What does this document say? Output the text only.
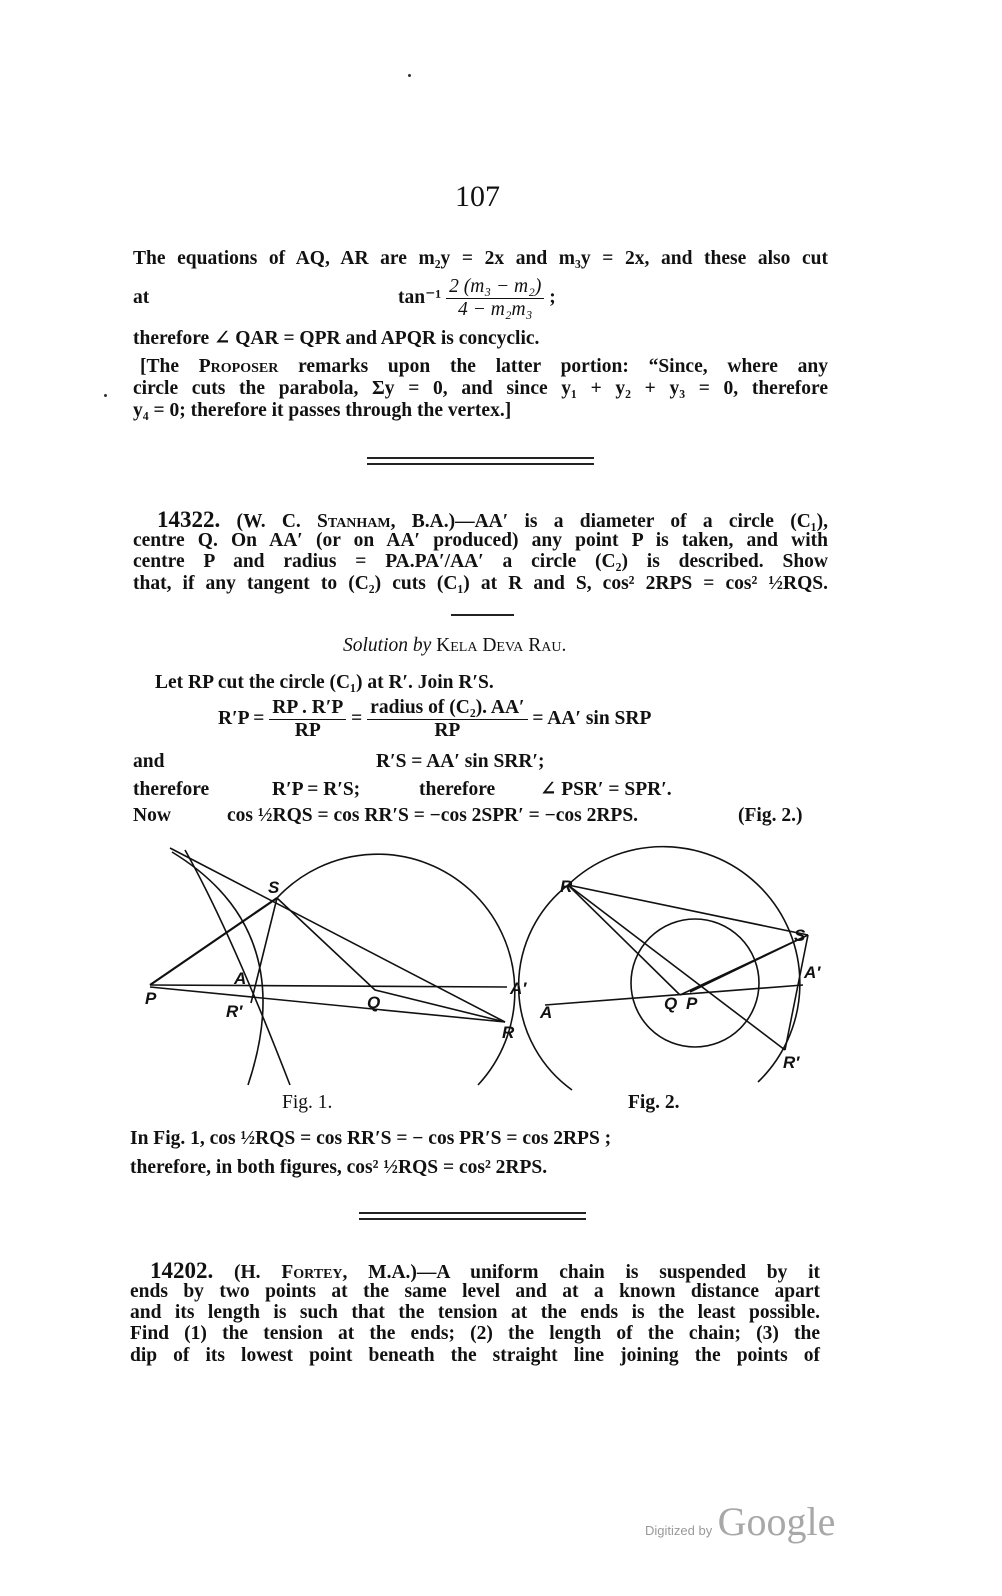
107
The equations of AQ, AR are m₂y = 2x and m₃y = 2x, and these also cut
at	$\tan^{-1} \frac{\text{2 (m₃ − m₂)}}{\text{4 − m₂m₃}}$ ;
therefore ∠ QAR = QPR and APQR is concyclic.
[The Proposer remarks upon the latter portion: “Since, where any
circle cuts the parabola, Σy = 0, and since y₁ + y₂ + y₃ = 0, therefore
y₄ = 0; therefore it passes through the vertex.]
14322. (W. C. Stanham, B.A.)—AA′ is a diameter of a circle (C₁),
centre Q. On AA′ (or on AA′ produced) any point P is taken, and with
centre P and radius = PA.PA′/AA′ a circle (C₂) is described. Show
that, if any tangent to (C₂) cuts (C₁) at R and S, cos² 2RPS = cos² ½RQS.
Solution by Kela Deva Rau.
Let RP cut the circle (C₁) at R′. Join R′S.
$R'P = \frac{RP . R'P}{RP} = \frac{\text{radius of (C₂). AA′}}{RP} = AA'$ sin SRP
and	R′S = AA′ sin SRR′;
therefore	R′P = R′S;	therefore ∠ PSR′ = SPR′.
Now	cos ½RQS = cos RR′S = −cos 2SPR′ = −cos 2RPS.	(Fig. 2.)
P
S
A
R′	Q
A′
R
R
S
A′
Q P
A
R′
Fig. 1.	Fig. 2.
In Fig. 1, cos ½RQS = cos RR′S = − cos PR′S = cos 2RPS ;
therefore, in both figures, cos² ½RQS = cos² 2RPS.
14202. (H. Fortey, M.A.)—A uniform chain is suspended by it
ends by two points at the same level and at a known distance apart
and its length is such that the tension at the ends is the least possible.
Find (1) the tension at the ends; (2) the length of the chain; (3) the
dip of its lowest point beneath the straight line joining the points of
Digitized by Google
